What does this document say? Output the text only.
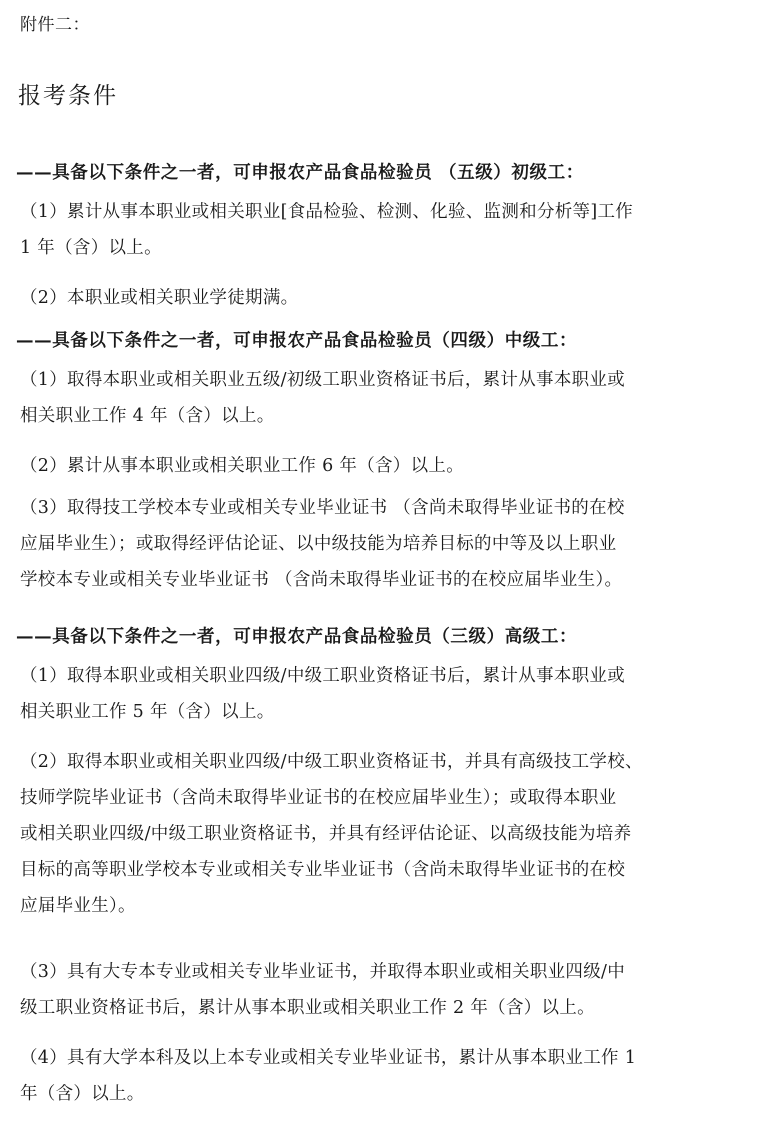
附件二：
报考条件
——具备以下条件之一者，可申报农产品食品检验员 （五级）初级工：
（1）累计从事本职业或相关职业[食品检验、检测、化验、监测和分析等]工作
1 年（含）以上。
（2）本职业或相关职业学徒期满。
——具备以下条件之一者，可申报农产品食品检验员（四级）中级工：
（1）取得本职业或相关职业五级/初级工职业资格证书后，累计从事本职业或
相关职业工作 4 年（含）以上。
（2）累计从事本职业或相关职业工作 6 年（含）以上。
（3）取得技工学校本专业或相关专业毕业证书 （含尚未取得毕业证书的在校
应届毕业生）；或取得经评估论证、以中级技能为培养目标的中等及以上职业
学校本专业或相关专业毕业证书 （含尚未取得毕业证书的在校应届毕业生）。
——具备以下条件之一者，可申报农产品食品检验员（三级）高级工：
（1）取得本职业或相关职业四级/中级工职业资格证书后，累计从事本职业或
相关职业工作 5 年（含）以上。
（2）取得本职业或相关职业四级/中级工职业资格证书，并具有高级技工学校、
技师学院毕业证书（含尚未取得毕业证书的在校应届毕业生）；或取得本职业
或相关职业四级/中级工职业资格证书，并具有经评估论证、以高级技能为培养
目标的高等职业学校本专业或相关专业毕业证书（含尚未取得毕业证书的在校
应届毕业生）。
（3）具有大专本专业或相关专业毕业证书，并取得本职业或相关职业四级/中
级工职业资格证书后，累计从事本职业或相关职业工作 2 年（含）以上。
（4）具有大学本科及以上本专业或相关专业毕业证书，累计从事本职业工作 1
年（含）以上。
